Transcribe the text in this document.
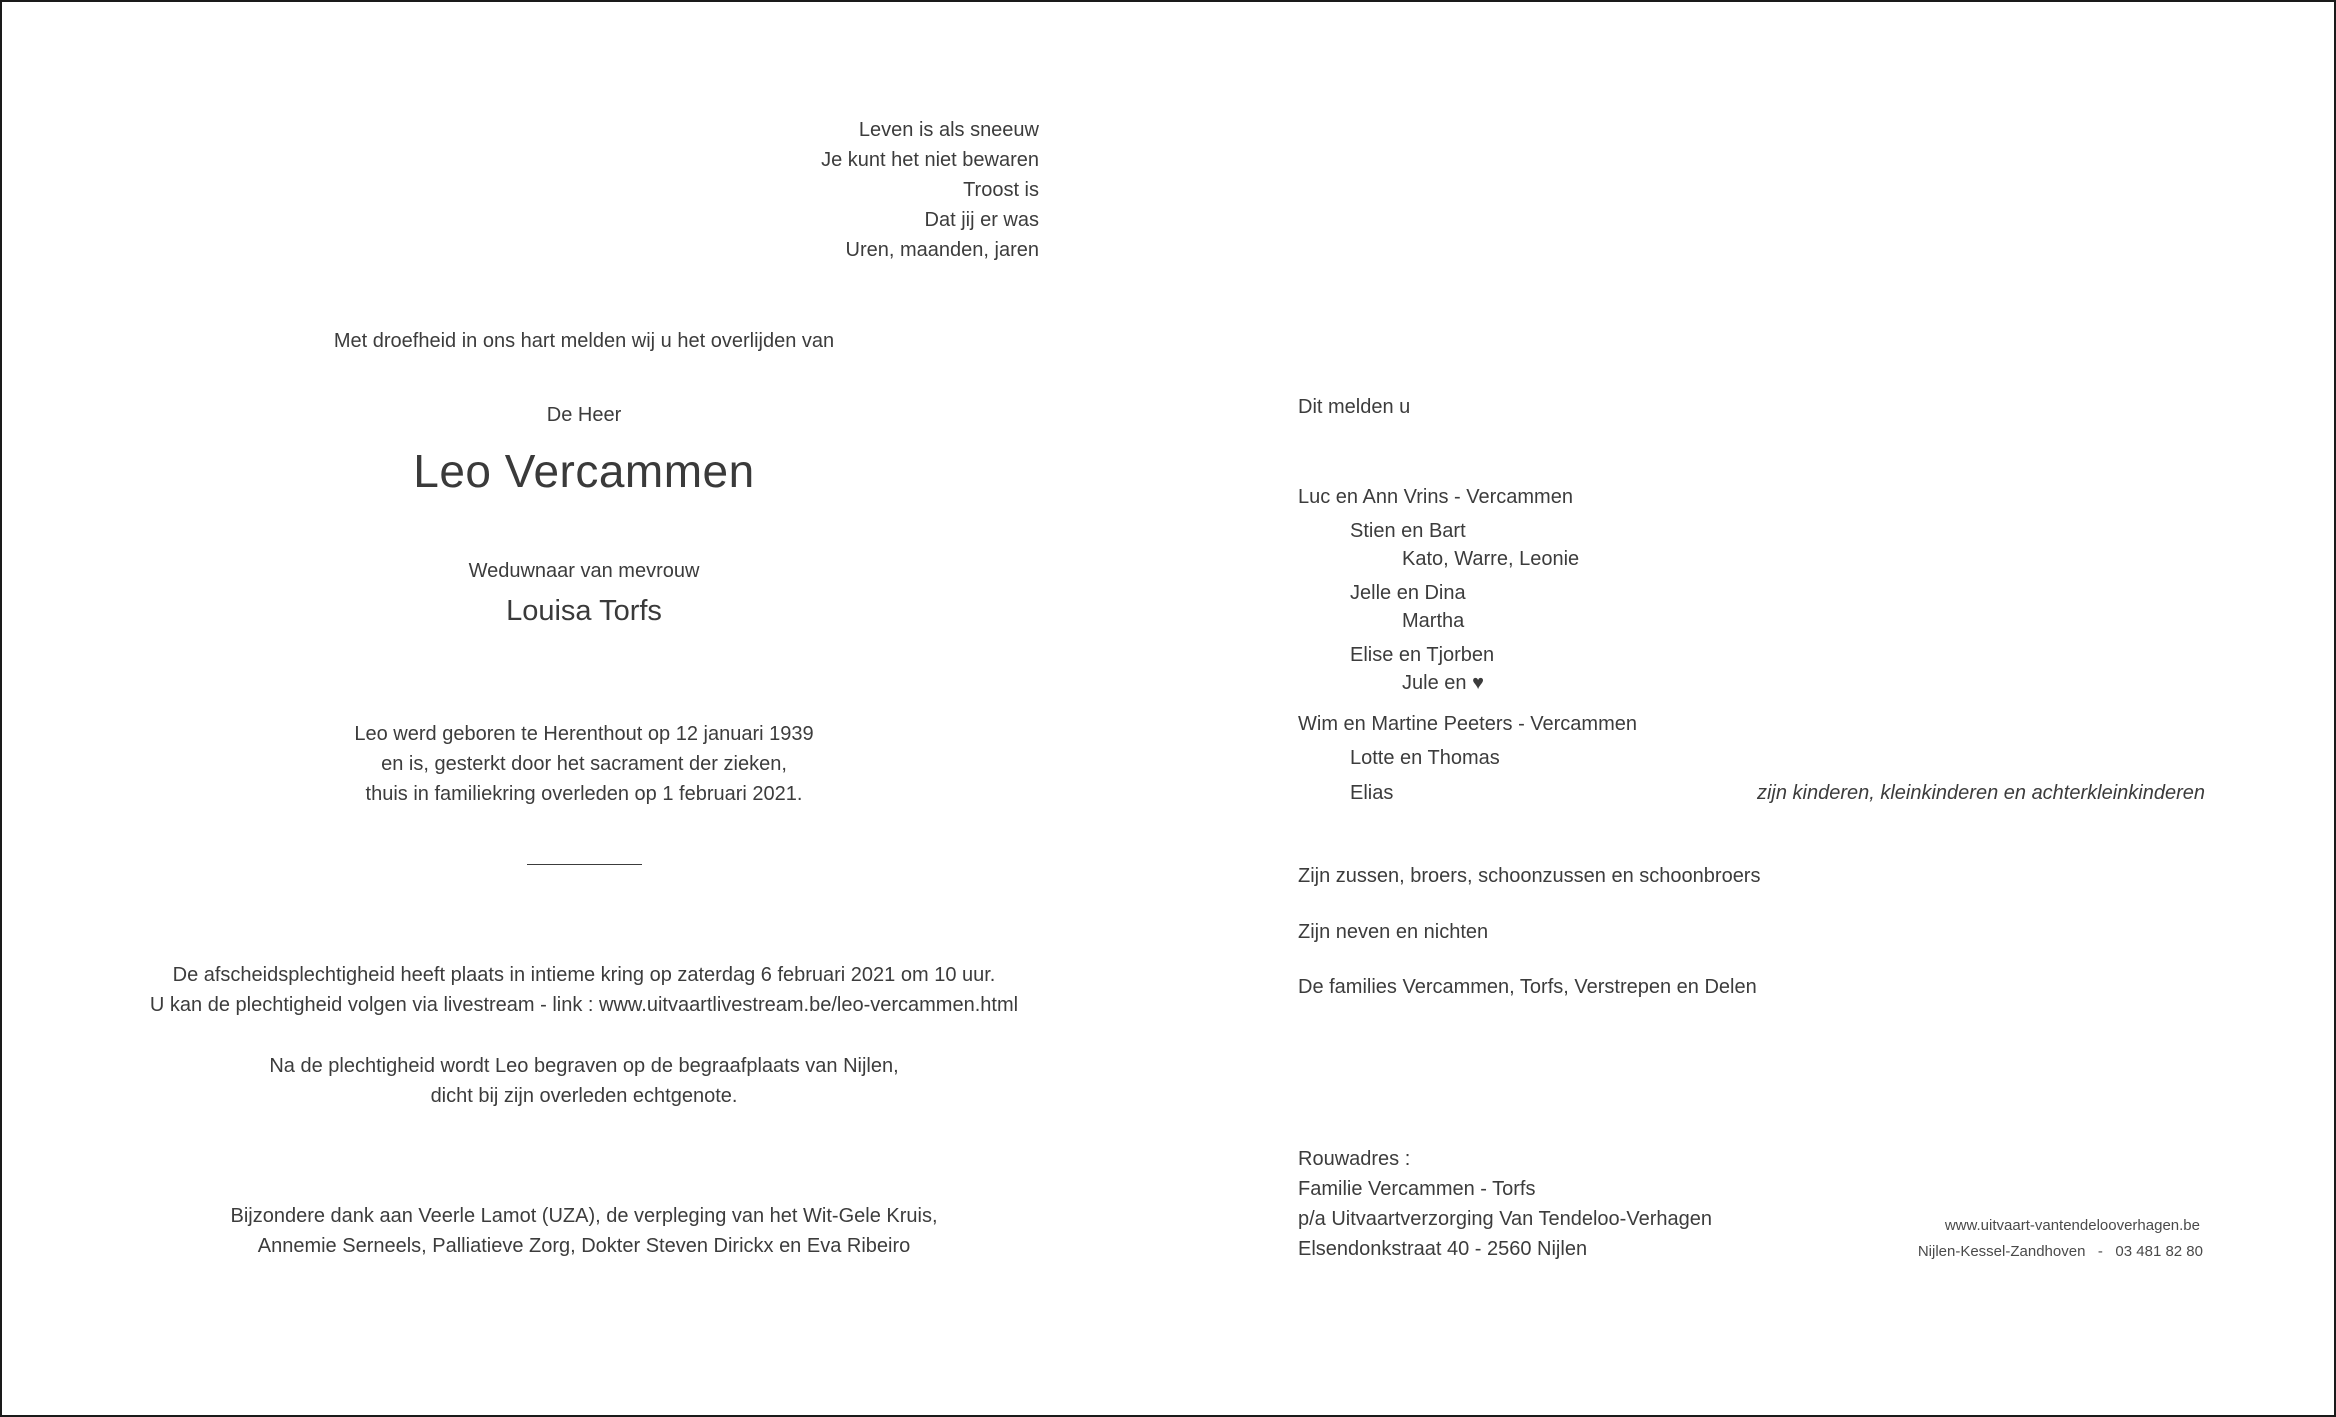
Leven is als sneeuw
Je kunt het niet bewaren
Troost is
Dat jij er was
Uren, maanden, jaren
Met droefheid in ons hart melden wij u het overlijden van
De Heer
Leo Vercammen
Weduwnaar van mevrouw
Louisa Torfs
Leo werd geboren te Herenthout op 12 januari 1939
en is, gesterkt door het sacrament der zieken,
thuis in familiekring overleden op 1 februari 2021.
De afscheidsplechtigheid heeft plaats in intieme kring op zaterdag 6 februari 2021 om 10 uur.
U kan de plechtigheid volgen via livestream - link : www.uitvaartlivestream.be/leo-vercammen.html
Na de plechtigheid wordt Leo begraven op de begraafplaats van Nijlen,
dicht bij zijn overleden echtgenote.
Bijzondere dank aan Veerle Lamot (UZA), de verpleging van het Wit-Gele Kruis,
Annemie Serneels, Palliatieve Zorg, Dokter Steven Dirickx en Eva Ribeiro
Dit melden u
Luc en Ann Vrins - Vercammen
Stien en Bart
Kato, Warre, Leonie
Jelle en Dina
Martha
Elise en Tjorben
Jule en ♥
Wim en Martine Peeters - Vercammen
Lotte en Thomas
Elias	zijn kinderen, kleinkinderen en achterkleinkinderen
Zijn zussen, broers, schoonzussen en schoonbroers
Zijn neven en nichten
De families Vercammen, Torfs, Verstrepen en Delen
Rouwadres :
Familie Vercammen - Torfs
p/a Uitvaartverzorging Van Tendeloo-Verhagen
Elsendonkstraat 40 - 2560 Nijlen
www.uitvaart-vantendelooverhagen.be
Nijlen-Kessel-Zandhoven   -   03 481 82 80
